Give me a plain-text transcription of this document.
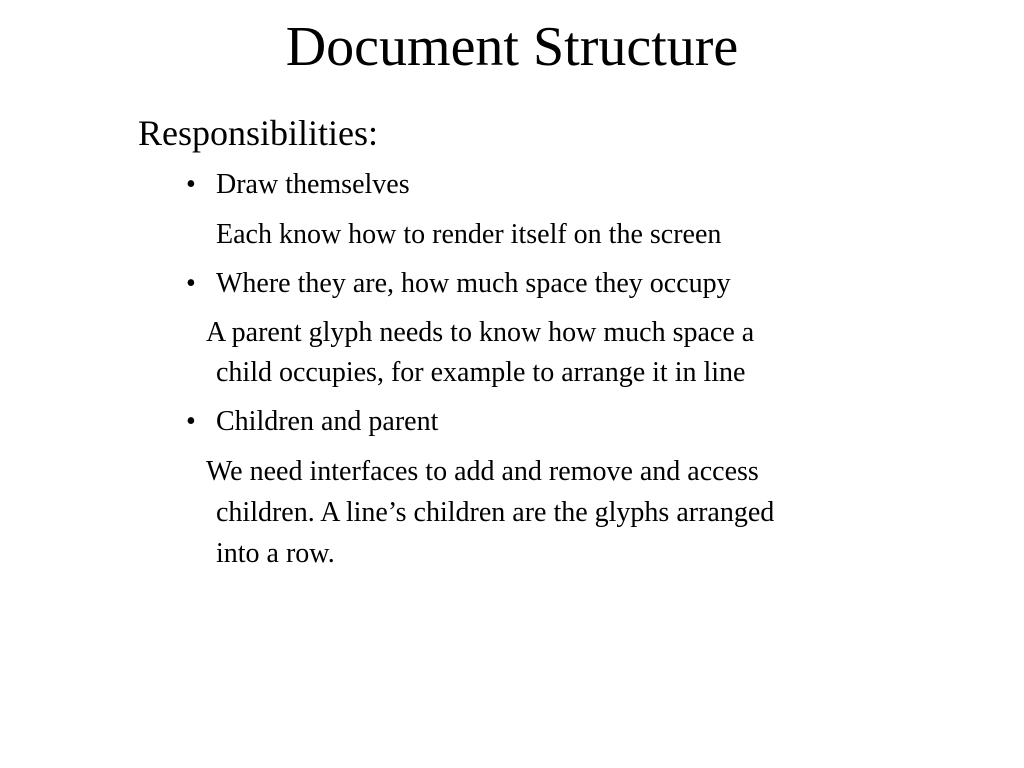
Document Structure
Responsibilities:
• Draw themselves
Each know how to render itself on the screen
• Where they are, how much space they occupy
A parent glyph needs to know how much space a
child occupies, for example to arrange it in line
• Children and parent
We need interfaces to add and remove and access
children. A line’s children are the glyphs arranged
into a row.
